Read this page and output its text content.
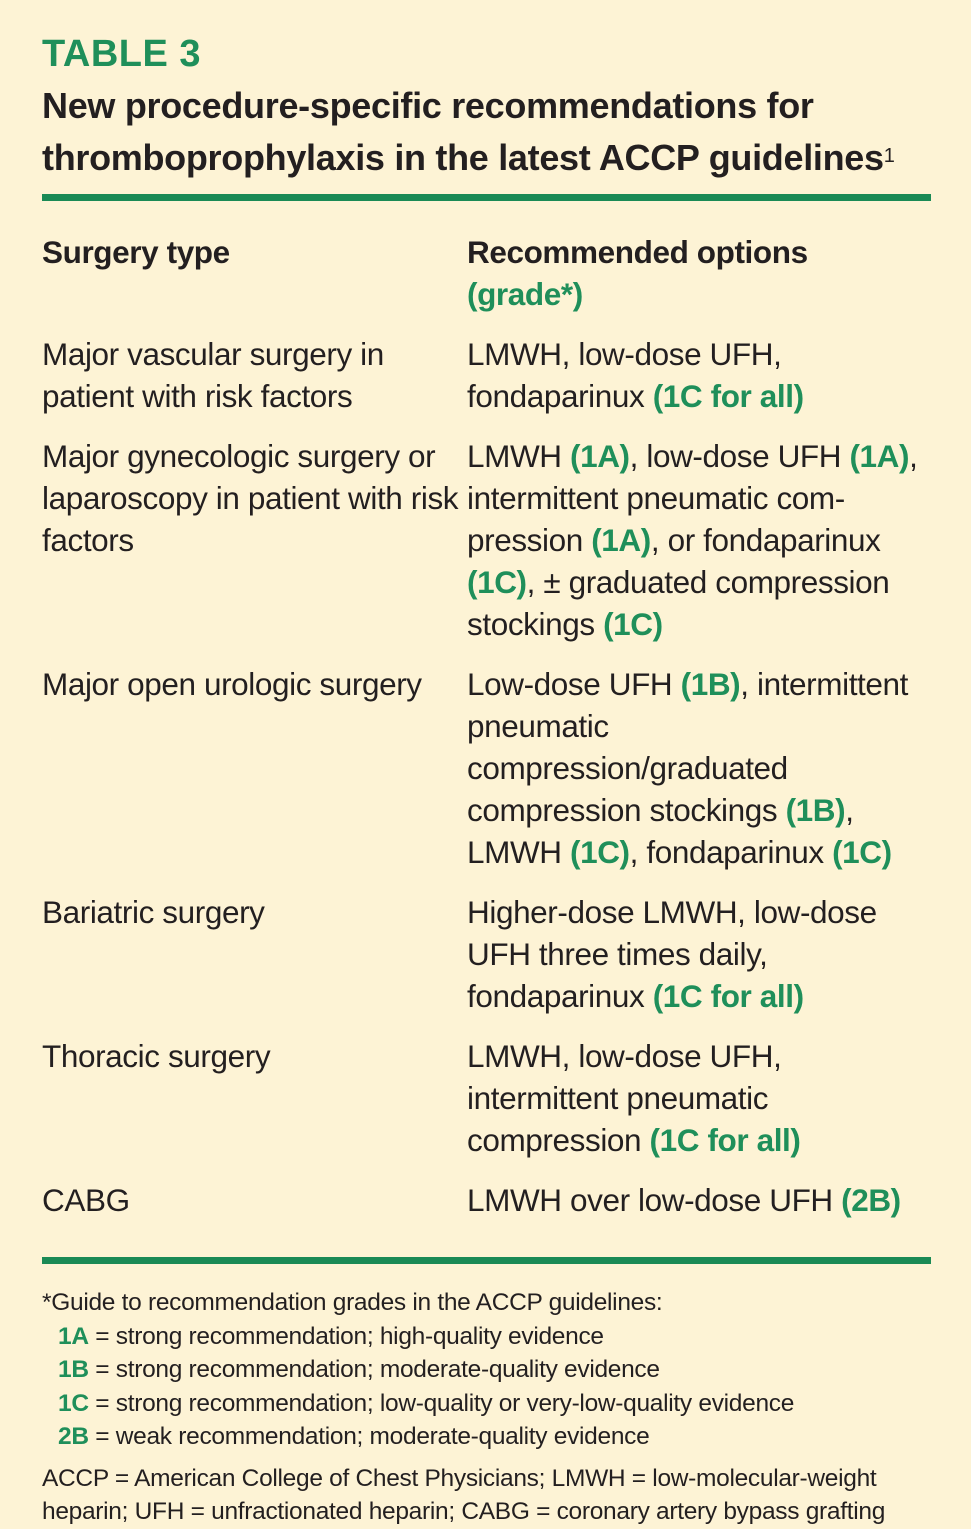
TABLE 3
New procedure-specific recommendations for
thromboprophylaxis in the latest ACCP guidelines$^1$
Surgery type	Recommended options (grade*)
Major vascular surgery in patient with risk factors	LMWH, low-dose UFH, fondaparinux (1C for all)
Major gynecologic surgery or laparoscopy in patient with risk factors	LMWH (1A), low-dose UFH (1A), intermittent pneumatic com-pression (1A), or fondaparinux (1C), ± graduated compression stockings (1C)
Major open urologic surgery	Low-dose UFH (1B), intermittent pneumatic compression/graduated compression stockings (1B), LMWH (1C), fondaparinux (1C)
Bariatric surgery	Higher-dose LMWH, low-dose UFH three times daily, fondaparinux (1C for all)
Thoracic surgery	LMWH, low-dose UFH, intermittent pneumatic compression (1C for all)
CABG	LMWH over low-dose UFH (2B)
*Guide to recommendation grades in the ACCP guidelines:
1A = strong recommendation; high-quality evidence
1B = strong recommendation; moderate-quality evidence
1C = strong recommendation; low-quality or very-low-quality evidence
2B = weak recommendation; moderate-quality evidence
ACCP = American College of Chest Physicians; LMWH = low-molecular-weight
heparin; UFH = unfractionated heparin; CABG = coronary artery bypass grafting
